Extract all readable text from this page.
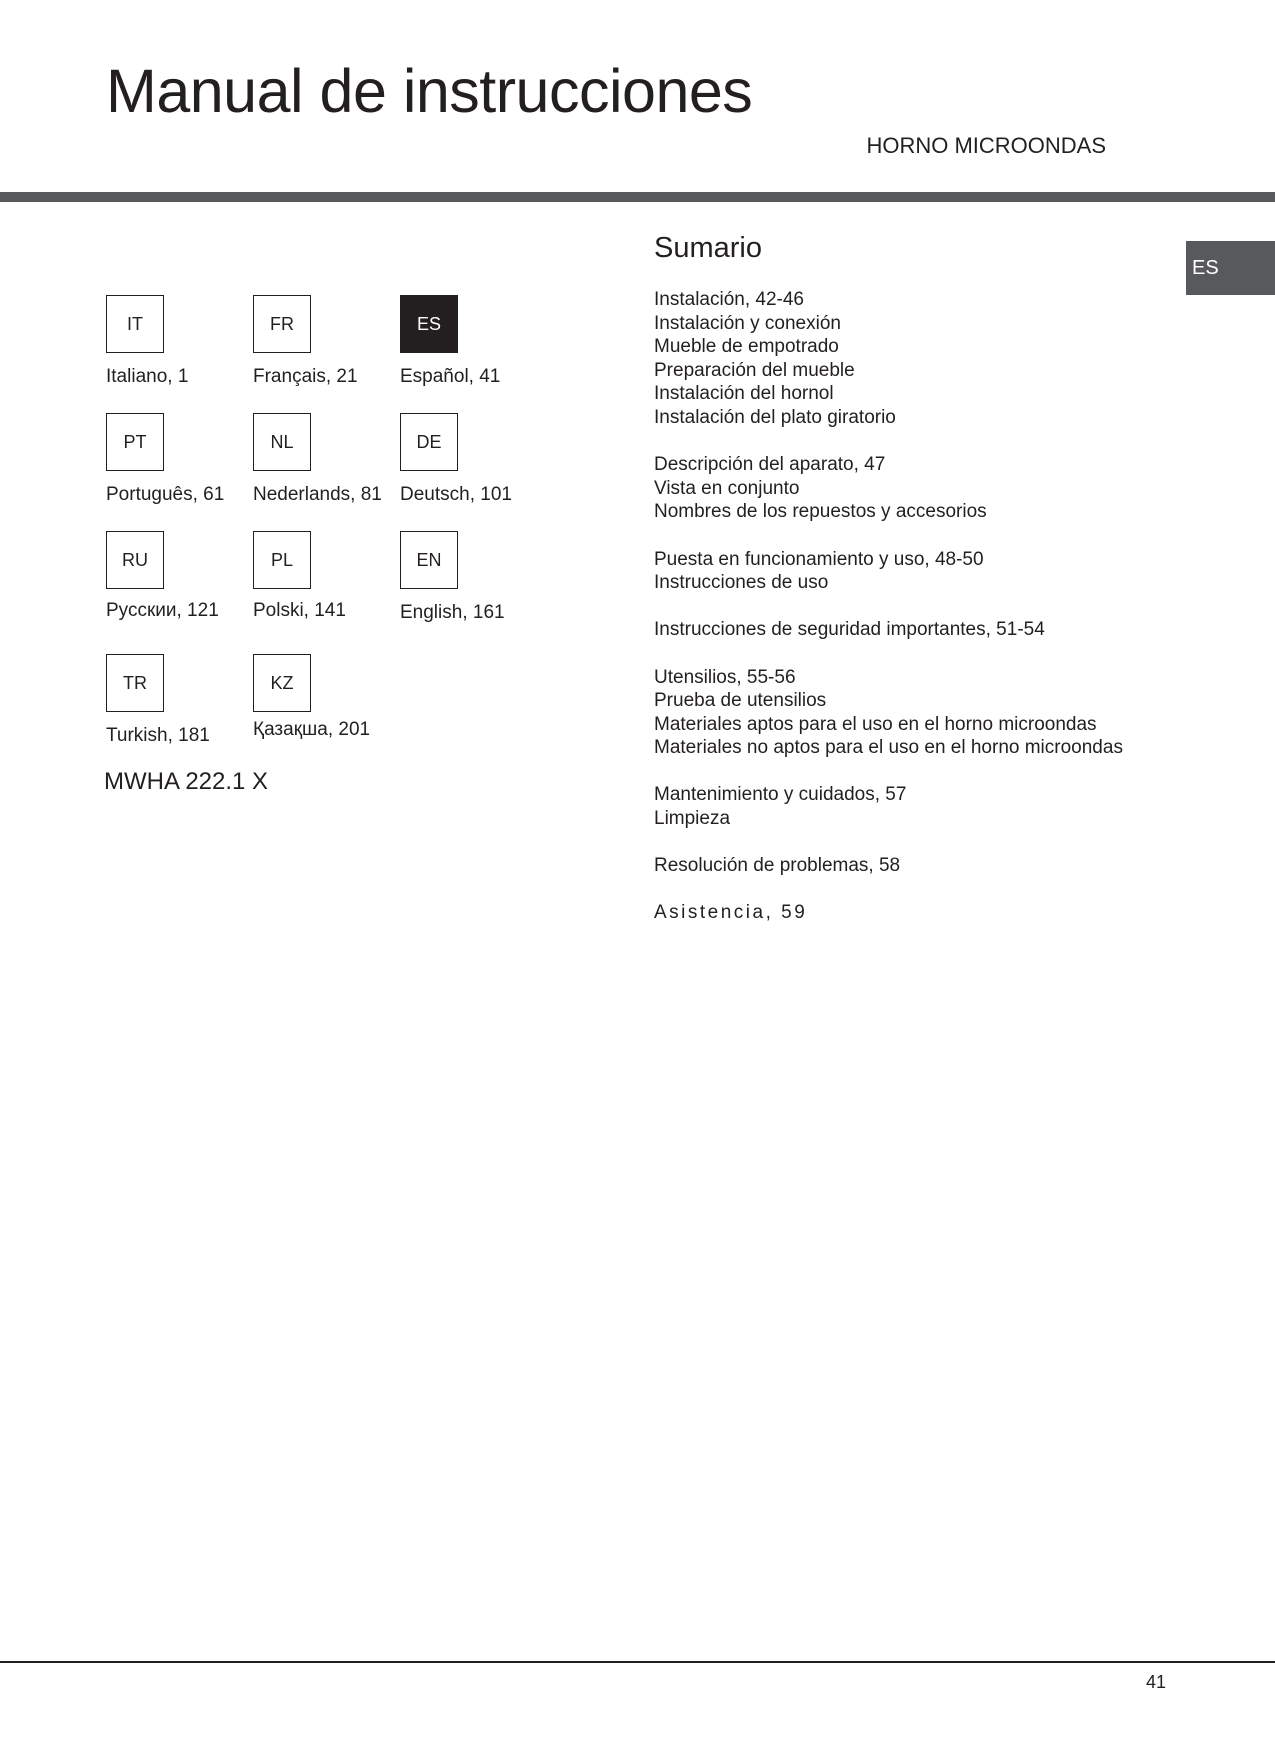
Manual de instrucciones
HORNO MICROONDAS
IT
Italiano, 1
FR
Français, 21
ES
Español, 41
PT
Português, 61
NL
Nederlands, 81
DE
Deutsch, 101
RU
Русскии, 121
PL
Polski, 141
EN
English, 161
TR
Turkish, 181
KZ
Қазақша, 201
MWHA 222.1 X
Sumario
Instalación, 42-46
Instalación y conexión
Mueble de empotrado
Preparación del mueble
Instalación del hornol
Instalación del plato giratorio
Descripción del aparato, 47
Vista en conjunto
Nombres de los repuestos y accesorios
Puesta en funcionamiento y uso, 48-50
Instrucciones de uso
Instrucciones de seguridad importantes, 51-54
Utensilios, 55-56
Prueba de utensilios
Materiales aptos para el uso en el horno microondas
Materiales no aptos para el uso en el horno microondas
Mantenimiento y cuidados, 57
Limpieza
Resolución de problemas, 58
Asistencia, 59
ES
41
